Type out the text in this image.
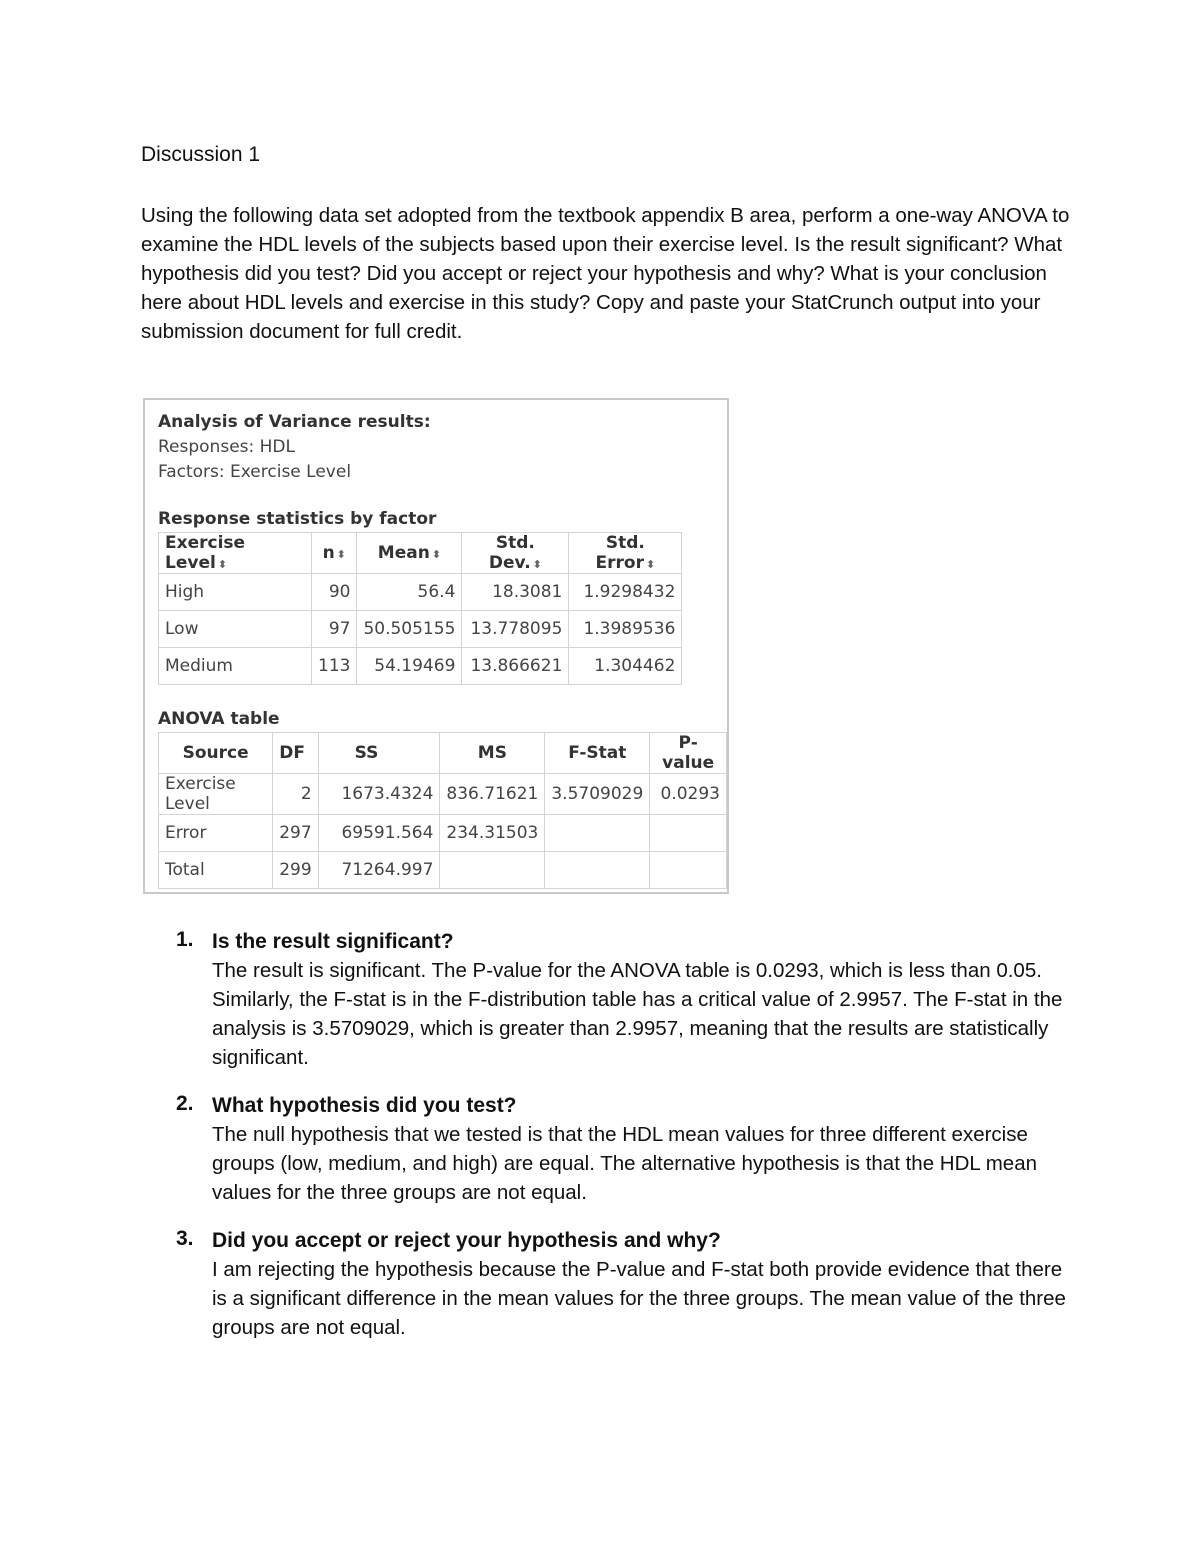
Discussion 1
Using the following data set adopted from the textbook appendix B area, perform a one-way ANOVA to examine the HDL levels of the subjects based upon their exercise level. Is the result significant? What hypothesis did you test? Did you accept or reject your hypothesis and why? What is your conclusion here about HDL levels and exercise in this study? Copy and paste your StatCrunch output into your submission document for full credit.
Analysis of Variance results:
Responses: HDL
Factors: Exercise Level
Response statistics by factor
Exercise Level ⬍	n ⬍	Mean ⬍	Std. Dev. ⬍	Std. Error ⬍
High	90	56.4	18.3081	1.9298432
Low	97	50.505155	13.778095	1.3989536
Medium	113	54.19469	13.866621	1.304462
ANOVA table
Source	DF	SS	MS	F-Stat	P-value
Exercise Level	2	1673.4324	836.71621	3.5709029	0.0293
Error	297	69591.564	234.31503		
Total	299	71264.997			
1. Is the result significant?
The result is significant. The P-value for the ANOVA table is 0.0293, which is less than 0.05. Similarly, the F-stat is in the F-distribution table has a critical value of 2.9957. The F-stat in the analysis is 3.5709029, which is greater than 2.9957, meaning that the results are statistically significant.
2. What hypothesis did you test?
The null hypothesis that we tested is that the HDL mean values for three different exercise groups (low, medium, and high) are equal. The alternative hypothesis is that the HDL mean values for the three groups are not equal.
3. Did you accept or reject your hypothesis and why?
I am rejecting the hypothesis because the P-value and F-stat both provide evidence that there is a significant difference in the mean values for the three groups. The mean value of the three groups are not equal.
